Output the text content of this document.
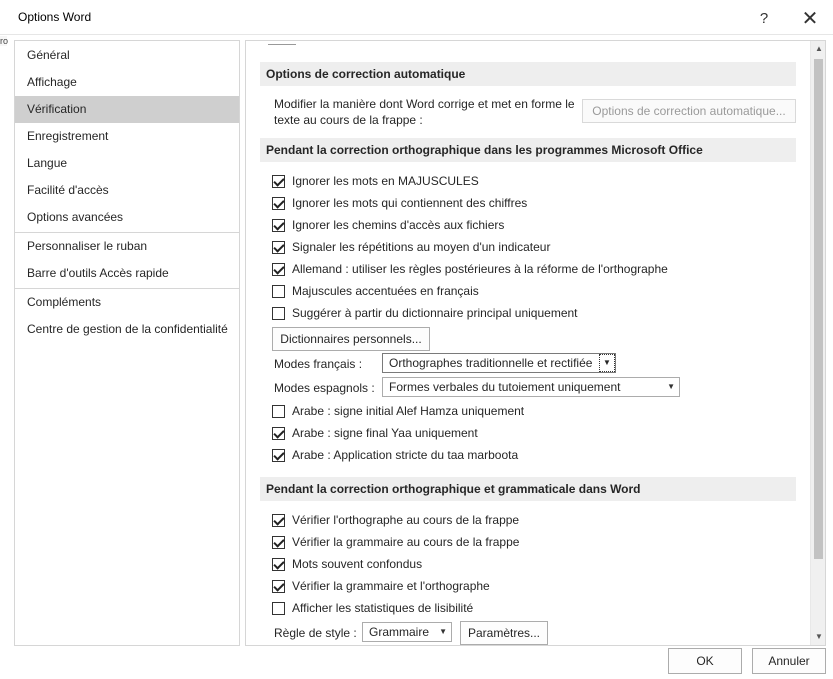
Options Word	?	✕
ro
Général
Affichage
Vérification
Enregistrement
Langue
Facilité d'accès
Options avancées
Personnaliser le ruban
Barre d'outils Accès rapide
Compléments
Centre de gestion de la confidentialité
Options de correction automatique
Modifier la manière dont Word corrige et met en forme le texte au cours de la frappe :
Options de correction automatique...
Pendant la correction orthographique dans les programmes Microsoft Office
Ignorer les mots en MAJUSCULES
Ignorer les mots qui contiennent des chiffres
Ignorer les chemins d'accès aux fichiers
Signaler les répétitions au moyen d'un indicateur
Allemand : utiliser les règles postérieures à la réforme de l'orthographe
Majuscules accentuées en français
Suggérer à partir du dictionnaire principal uniquement
Dictionnaires personnels...
Modes français :	Orthographes traditionnelle et rectifiée	▼
Modes espagnols :	Formes verbales du tutoiement uniquement	▼
Arabe : signe initial Alef Hamza uniquement
Arabe : signe final Yaa uniquement
Arabe : Application stricte du taa marboota
Pendant la correction orthographique et grammaticale dans Word
Vérifier l'orthographe au cours de la frappe
Vérifier la grammaire au cours de la frappe
Mots souvent confondus
Vérifier la grammaire et l'orthographe
Afficher les statistiques de lisibilité
Règle de style :	Grammaire ▼	Paramètres...
▲
▼
OK	Annuler
